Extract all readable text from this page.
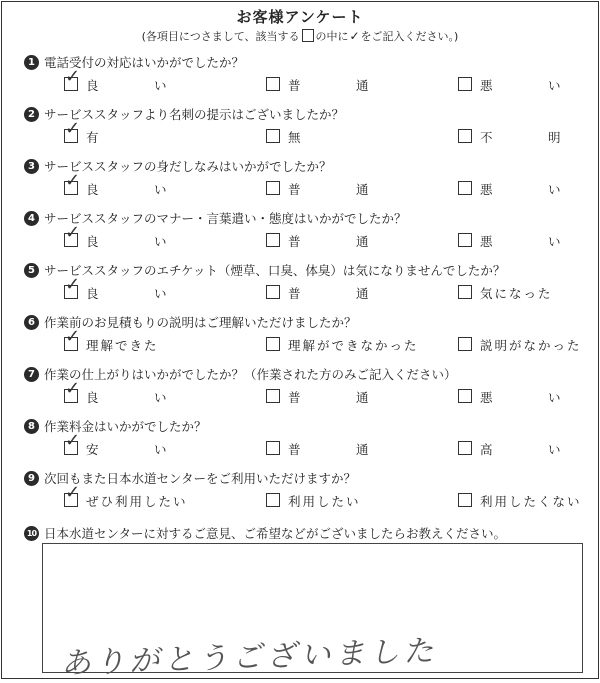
お客様アンケート
(各項目につさまして、該当する の中に✓をご記入ください。)
1 電話受付の対応はいかがでしたか？
✓ 良	い	普	通	悪	い
2 サービススタッフより名刺の提示はございましたか？
✓ 有	無	不	明
3 サービススタッフの身だしなみはいかがでしたか？
✓ 良	い	普	通	悪	い
4 サービススタッフのマナー・言葉遣い・態度はいかがでしたか？
✓ 良	い	普	通	悪	い
5 サービススタッフのエチケット（煙草、口臭、体臭）は気になりませんでしたか？
✓ 良	い	普	通	気になった
6 作業前のお見積もりの説明はご理解いただけましたか？
✓ 理解できた	理解ができなかった	説明がなかった
7 作業の仕上がりはいかがでしたか？（作業された方のみご記入ください）
✓ 良	い	普	通	悪	い
8 作業料金はいかがでしたか？
✓ 安	い	普	通	高	い
9 次回もまた日本水道センターをご利用いただけますか？
✓ ぜひ利用したい	利用したい	利用したくない
10 日本水道センターに対するご意見、ご希望などがございましたらお教えください。
ありがとうございました
